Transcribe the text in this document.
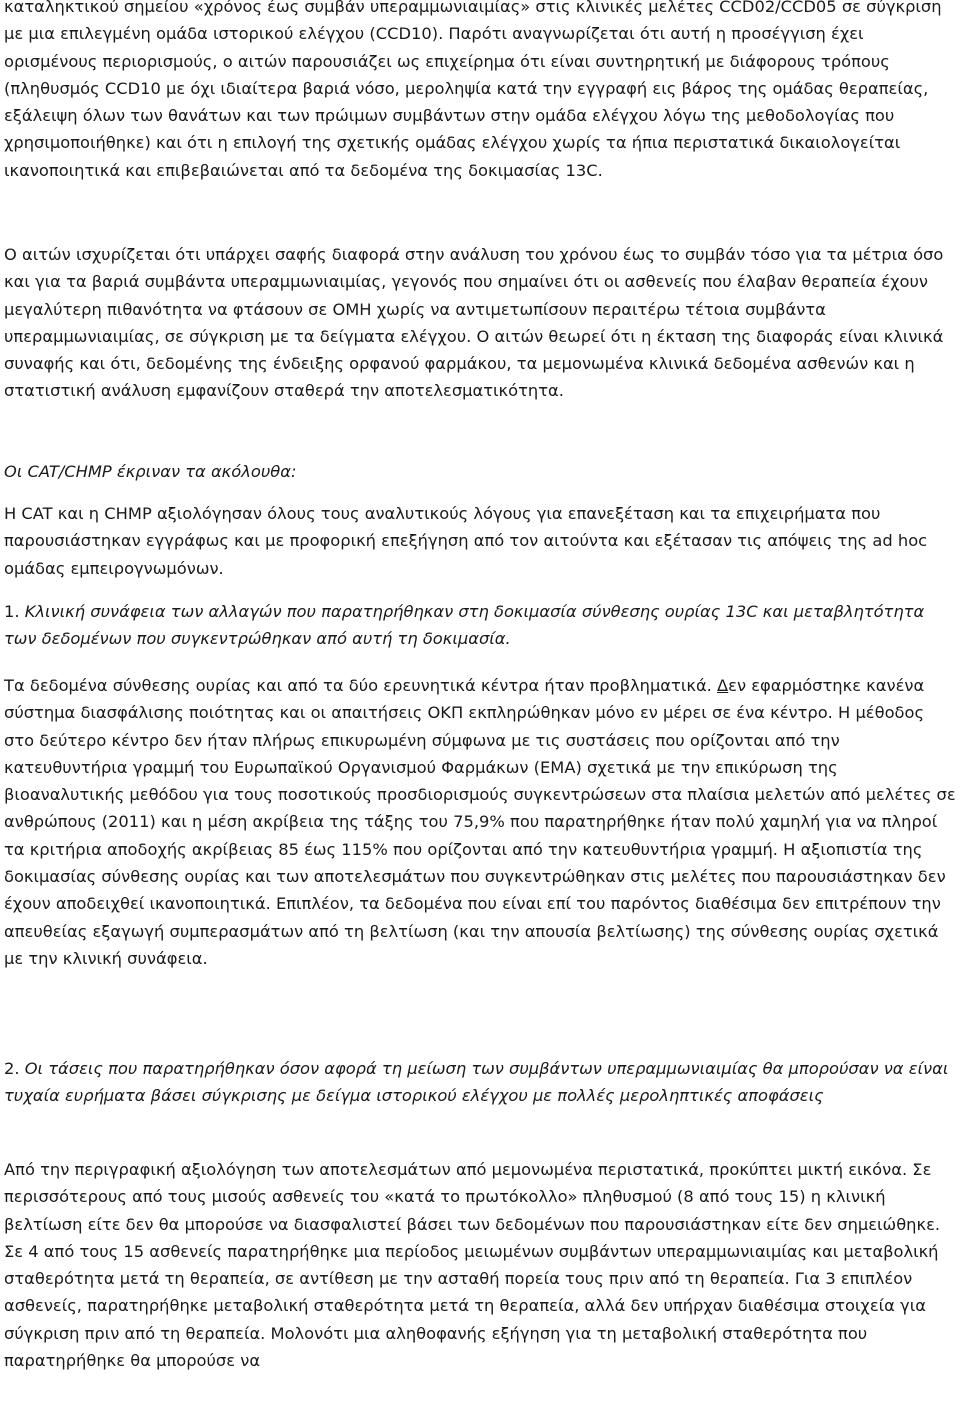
καταληκτικού σημείου «χρόνος έως συμβάν υπεραμμωνιαιμίας» στις κλινικές μελέτες CCD02/CCD05 σε σύγκριση με μια επιλεγμένη ομάδα ιστορικού ελέγχου (CCD10). Παρότι αναγνωρίζεται ότι αυτή η προσέγγιση έχει ορισμένους περιορισμούς, ο αιτών παρουσιάζει ως επιχείρημα ότι είναι συντηρητική με διάφορους τρόπους (πληθυσμός CCD10 με όχι ιδιαίτερα βαριά νόσο, μεροληψία κατά την εγγραφή εις βάρος της ομάδας θεραπείας, εξάλειψη όλων των θανάτων και των πρώιμων συμβάντων στην ομάδα ελέγχου λόγω της μεθοδολογίας που χρησιμοποιήθηκε) και ότι η επιλογή της σχετικής ομάδας ελέγχου χωρίς τα ήπια περιστατικά δικαιολογείται ικανοποιητικά και επιβεβαιώνεται από τα δεδομένα της δοκιμασίας 13C.

Ο αιτών ισχυρίζεται ότι υπάρχει σαφής διαφορά στην ανάλυση του χρόνου έως το συμβάν τόσο για τα μέτρια όσο και για τα βαριά συμβάντα υπεραμμωνιαιμίας, γεγονός που σημαίνει ότι οι ασθενείς που έλαβαν θεραπεία έχουν μεγαλύτερη πιθανότητα να φτάσουν σε ΟΜΗ χωρίς να αντιμετωπίσουν περαιτέρω τέτοια συμβάντα υπεραμμωνιαιμίας, σε σύγκριση με τα δείγματα ελέγχου. Ο αιτών θεωρεί ότι η έκταση της διαφοράς είναι κλινικά συναφής και ότι, δεδομένης της ένδειξης ορφανού φαρμάκου, τα μεμονωμένα κλινικά δεδομένα ασθενών και η στατιστική ανάλυση εμφανίζουν σταθερά την αποτελεσματικότητα.

Οι CAT/CHMP έκριναν τα ακόλουθα:

Η CAT και η CHMP αξιολόγησαν όλους τους αναλυτικούς λόγους για επανεξέταση και τα επιχειρήματα που παρουσιάστηκαν εγγράφως και με προφορική επεξήγηση από τον αιτούντα και εξέτασαν τις απόψεις της ad hoc ομάδας εμπειρογνωμόνων.

1. Κλινική συνάφεια των αλλαγών που παρατηρήθηκαν στη δοκιμασία σύνθεσης ουρίας 13C και μεταβλητότητα των δεδομένων που συγκεντρώθηκαν από αυτή τη δοκιμασία.

Τα δεδομένα σύνθεσης ουρίας και από τα δύο ερευνητικά κέντρα ήταν προβληματικά. Δεν εφαρμόστηκε κανένα σύστημα διασφάλισης ποιότητας και οι απαιτήσεις ΟΚΠ εκπληρώθηκαν μόνο εν μέρει σε ένα κέντρο. Η μέθοδος στο δεύτερο κέντρο δεν ήταν πλήρως επικυρωμένη σύμφωνα με τις συστάσεις που ορίζονται από την κατευθυντήρια γραμμή του Ευρωπαϊκού Οργανισμού Φαρμάκων (ΕΜΑ) σχετικά με την επικύρωση της βιοαναλυτικής μεθόδου για τους ποσοτικούς προσδιορισμούς συγκεντρώσεων στα πλαίσια μελετών από μελέτες σε ανθρώπους (2011) και η μέση ακρίβεια της τάξης του 75,9% που παρατηρήθηκε ήταν πολύ χαμηλή για να πληροί τα κριτήρια αποδοχής ακρίβειας 85 έως 115% που ορίζονται από την κατευθυντήρια γραμμή. Η αξιοπιστία της δοκιμασίας σύνθεσης ουρίας και των αποτελεσμάτων που συγκεντρώθηκαν στις μελέτες που παρουσιάστηκαν δεν έχουν αποδειχθεί ικανοποιητικά. Επιπλέον, τα δεδομένα που είναι επί του παρόντος διαθέσιμα δεν επιτρέπουν την απευθείας εξαγωγή συμπερασμάτων από τη βελτίωση (και την απουσία βελτίωσης) της σύνθεσης ουρίας σχετικά με την κλινική συνάφεια.

2. Οι τάσεις που παρατηρήθηκαν όσον αφορά τη μείωση των συμβάντων υπεραμμωνιαιμίας θα μπορούσαν να είναι τυχαία ευρήματα βάσει σύγκρισης με δείγμα ιστορικού ελέγχου με πολλές μεροληπτικές αποφάσεις

Από την περιγραφική αξιολόγηση των αποτελεσμάτων από μεμονωμένα περιστατικά, προκύπτει μικτή εικόνα. Σε περισσότερους από τους μισούς ασθενείς του «κατά το πρωτόκολλο» πληθυσμού (8 από τους 15) η κλινική βελτίωση είτε δεν θα μπορούσε να διασφαλιστεί βάσει των δεδομένων που παρουσιάστηκαν είτε δεν σημειώθηκε. Σε 4 από τους 15 ασθενείς παρατηρήθηκε μια περίοδος μειωμένων συμβάντων υπεραμμωνιαιμίας και μεταβολική σταθερότητα μετά τη θεραπεία, σε αντίθεση με την ασταθή πορεία τους πριν από τη θεραπεία. Για 3 επιπλέον ασθενείς, παρατηρήθηκε μεταβολική σταθερότητα μετά τη θεραπεία, αλλά δεν υπήρχαν διαθέσιμα στοιχεία για σύγκριση πριν από τη θεραπεία. Μολονότι μια αληθοφανής εξήγηση για τη μεταβολική σταθερότητα που παρατηρήθηκε θα μπορούσε να
